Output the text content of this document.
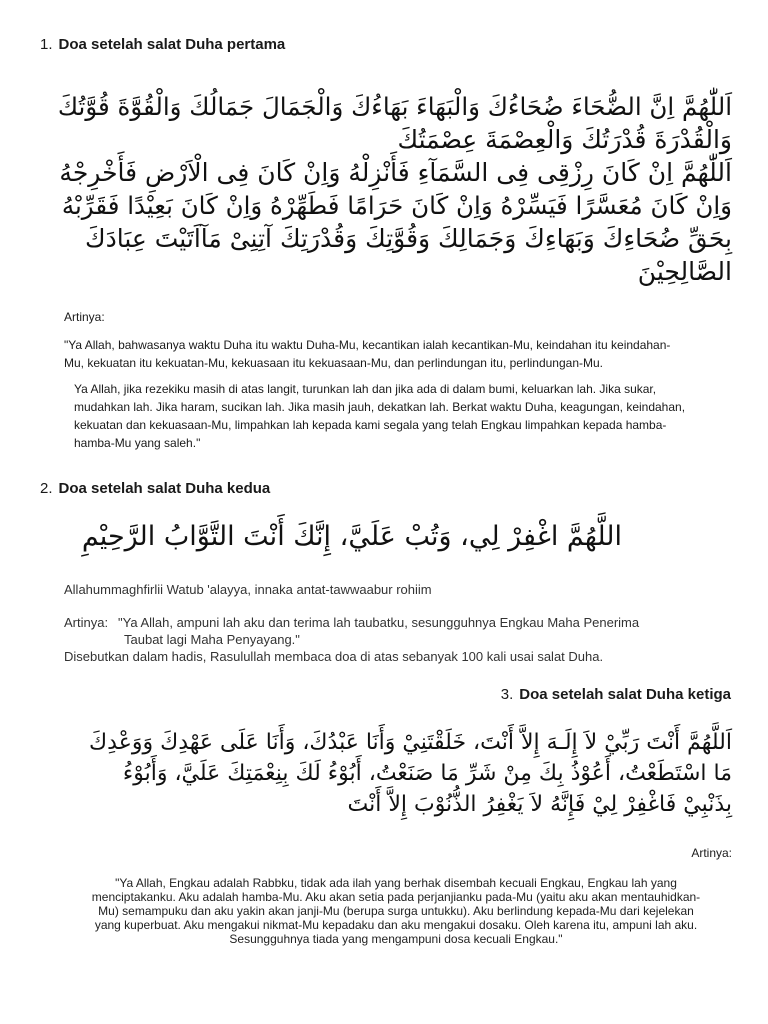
1. Doa setelah salat Duha pertama
اَللّٰهُمَّ اِنَّ الضُّحَاءَ ضُحَاءُكَ وَالْبَهَاءَ بَهَاءُكَ وَالْجَمَالَ جَمَالُكَ وَالْقُوَّةَ قُوَّتُكَ
وَالْقُدْرَةَ قُدْرَتُكَ وَالْعِصْمَةَ عِصْمَتُكَ
اَللّٰهُمَّ اِنْ كَانَ رِزْقِى فِى السَّمَآءِ فَأَنْزِلْهُ وَاِنْ كَانَ فِى الْاَرْضِ فَأَخْرِجْهُ
وَاِنْ كَانَ مُعَسَّرًا فَيَسِّرْهُ وَاِنْ كَانَ حَرَامًا فَطَهِّرْهُ وَاِنْ كَانَ بَعِيْدًا فَقَرِّبْهُ
بِحَقِّ ضُحَاءِكَ وَبَهَاءِكَ وَجَمَالِكَ وَقُوَّتِكَ وَقُدْرَتِكَ آتِنِىْ مَآاَتَيْتَ عِبَادَكَ
الصَّالِحِيْنَ
Artinya:
"Ya Allah, bahwasanya waktu Duha itu waktu Duha-Mu, kecantikan ialah kecantikan-Mu, keindahan itu keindahan-
Mu, kekuatan itu kekuatan-Mu, kekuasaan itu kekuasaan-Mu, dan perlindungan itu, perlindungan-Mu.
Ya Allah, jika rezekiku masih di atas langit, turunkan lah dan jika ada di dalam bumi, keluarkan lah. Jika sukar,
mudahkan lah. Jika haram, sucikan lah. Jika masih jauh, dekatkan lah. Berkat waktu Duha, keagungan, keindahan,
kekuatan dan kekuasaan-Mu, limpahkan lah kepada kami segala yang telah Engkau limpahkan kepada hamba-
hamba-Mu yang saleh."
2. Doa setelah salat Duha kedua
اللَّهُمَّ اغْفِرْ لِي، وَتُبْ عَلَيَّ، إِنَّكَ أَنْتَ التَّوَّابُ الرَّحِيْمِ
Allahummaghfirlii Watub 'alayya, innaka antat-tawwaabur rohiim
Artinya: "Ya Allah, ampuni lah aku dan terima lah taubatku, sesungguhnya Engkau Maha Penerima
Taubat lagi Maha Penyayang."
Disebutkan dalam hadis, Rasulullah membaca doa di atas sebanyak 100 kali usai salat Duha.
3. Doa setelah salat Duha ketiga
اَللَّهُمَّ أَنْتَ رَبِّيْ لاَ إِلَـهَ إِلاَّ أَنْتَ، خَلَقْتَنِيْ وَأَنَا عَبْدُكَ، وَأَنَا عَلَى عَهْدِكَ وَوَعْدِكَ
مَا اسْتَطَعْتُ، أَعُوْذُ بِكَ مِنْ شَرِّ مَا صَنَعْتُ، أَبُوْءُ لَكَ بِنِعْمَتِكَ عَلَيَّ، وَأَبُوْءُ
بِذَنْبِيْ فَاغْفِرْ لِيْ فَإِنَّهُ لاَ يَغْفِرُ الذُّنُوْبَ إِلاَّ أَنْتَ
Artinya:
"Ya Allah, Engkau adalah Rabbku, tidak ada ilah yang berhak disembah kecuali Engkau, Engkau lah yang
menciptakanku. Aku adalah hamba-Mu. Aku akan setia pada perjanjianku pada-Mu (yaitu aku akan mentauhidkan-
Mu) semampuku dan aku yakin akan janji-Mu (berupa surga untukku). Aku berlindung kepada-Mu dari kejelekan
yang kuperbuat. Aku mengakui nikmat-Mu kepadaku dan aku mengakui dosaku. Oleh karena itu, ampuni lah aku.
Sesungguhnya tiada yang mengampuni dosa kecuali Engkau."
